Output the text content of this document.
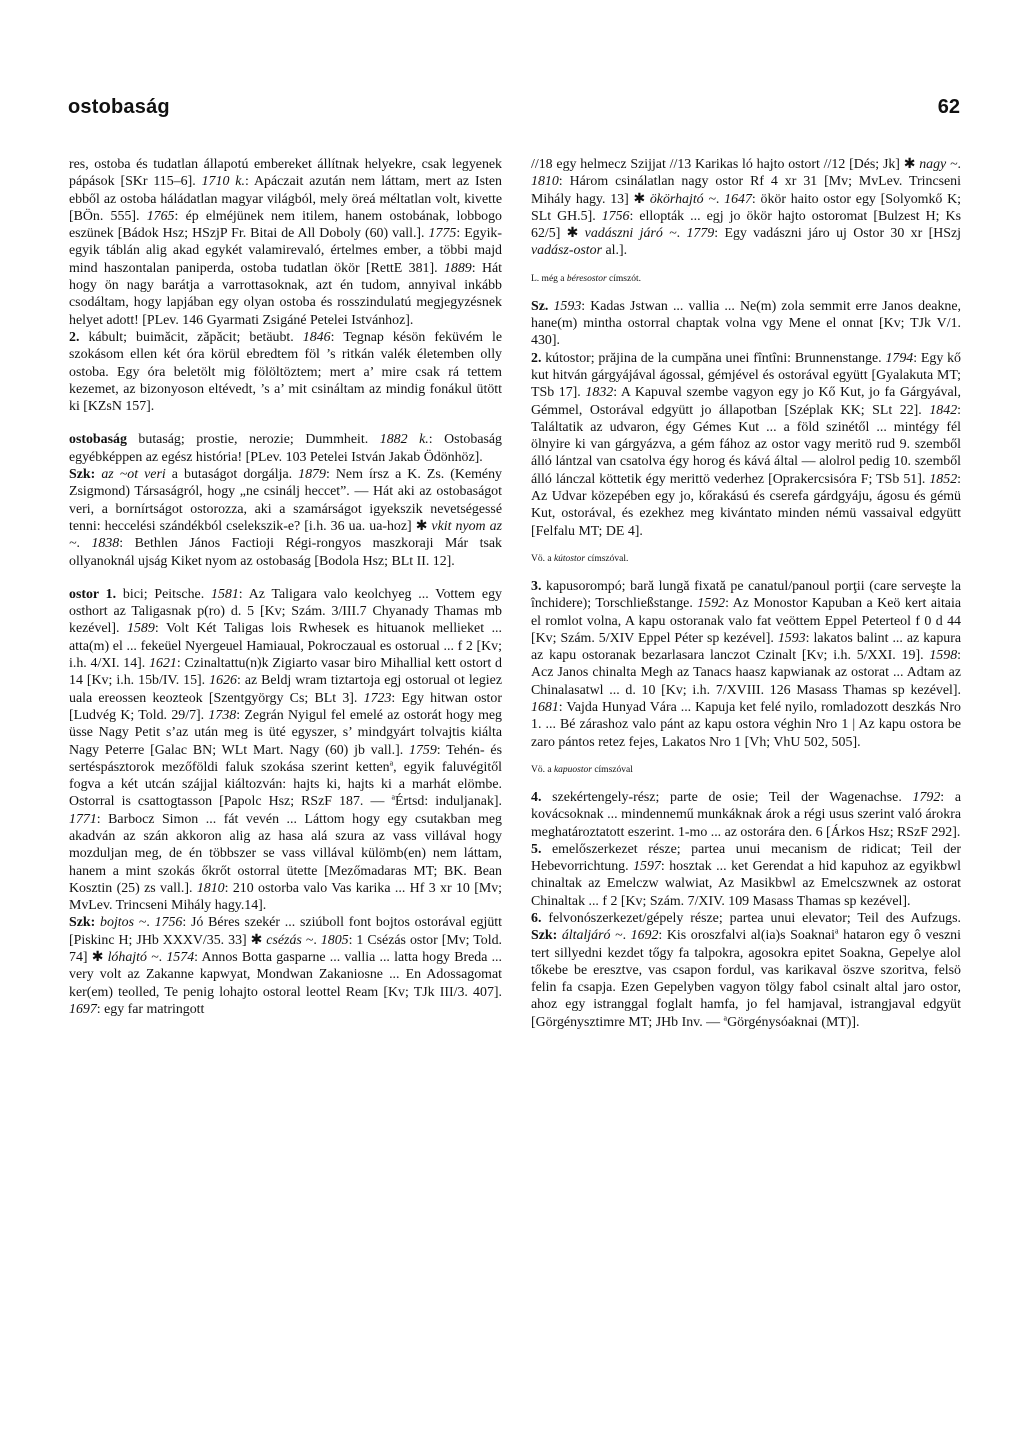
ostobaság	62

res, ostoba és tudatlan állapotú embereket állítnak helyekre, csak legyenek pápások [SKr 115–6]. 1710 k.: Apáczait azután nem láttam, mert az Isten ebből az ostoba háládatlan magyar világból, mely öreá méltatlan volt, kivette [BÖn. 555]. 1765: ép elméjünek nem itilem, hanem ostobának, lobbogo eszünek [Bádok Hsz; HSzjP Fr. Bitai de All Doboly (60) vall.]. 1775: Egyik-egyik táblán alig akad egykét valamirevaló, értelmes ember, a többi majd mind haszontalan paniperda, ostoba tudatlan ökör [RettE 381]. 1889: Hát hogy ön nagy barátja a varrottasoknak, azt én tudom, annyival inkább csodáltam, hogy lapjában egy olyan ostoba és rosszindulatú megjegyzésnek helyet adott! [PLev. 146 Gyarmati Zsigáné Petelei Istvánhoz].

2. kábult; buimăcit, zăpăcit; betäubt. 1846: Tegnap késön feküvém le szokásom ellen két óra körül ebredtem föl ’s ritkán valék életemben olly ostoba. Egy óra beletölt mig fölöltöztem; mert a’ mire csak rá tettem kezemet, az bizonyoson eltévedt, ’s a’ mit csináltam az mindig fonákul ütött ki [KZsN 157].

ostobaság butaság; prostie, nerozie; Dummheit. 1882 k.: Ostobaság egyébképpen az egész história! [PLev. 103 Petelei István Jakab Ödönhöz].

Szk: az ~ot veri a butaságot dorgálja. 1879: Nem írsz a K. Zs. (Kemény Zsigmond) Társaságról, hogy „ne csinálj heccet”. — Hát aki az ostobaságot veri, a bornírtságot ostorozza, aki a szamárságot igyekszik nevetségessé tenni: heccelési szándékból cselekszik-e? [i.h. 36 ua. ua-hoz] ✱ vkit nyom az ~. 1838: Bethlen János Factioji Régi-rongyos maszkoraji Már tsak ollyanoknál ujság Kiket nyom az ostobaság [Bodola Hsz; BLt II. 12].

ostor 1. bici; Peitsche. 1581: Az Taligara valo keolchyeg ... Vottem egy osthort az Taligasnak p(ro) d. 5 [Kv; Szám. 3/III.7 Chyanady Thamas mb kezével]. 1589: Volt Két Taligas lois Rwhesek es hituanok mellieket ... atta(m) el ... fekeüel Nyergeuel Hamiaual, Pokroczaual es ostorual ... f 2 [Kv; i.h. 4/XI. 14]. 1621: Czinaltattu(n)k Zigiarto vasar biro Mihallial kett ostort d 14 [Kv; i.h. 15b/IV. 15]. 1626: az Beldj wram tiztartoja egj ostorual ot legiez uala ereossen keozteok [Szentgyörgy Cs; BLt 3]. 1723: Egy hitwan ostor [Ludvég K; Told. 29/7]. 1738: Zegrán Nyigul fel emelé az ostorát hogy meg üsse Nagy Petit s’az után meg is üté egyszer, s’ mindgyárt tolvajtis kiálta Nagy Peterre [Galac BN; WLt Mart. Nagy (60) jb vall.]. 1759: Tehén- és sertéspásztorok mezőföldi faluk szokása szerint ketten$^a$, egyik faluvégitől fogva a két utcán szájjal kiáltozván: hajts ki, hajts ki a marhát elömbe. Ostorral is csattogtasson [Papolc Hsz; RSzF 187. — $^a$Értsd: induljanak]. 1771: Barbocz Simon ... fát vevén ... Láttom hogy egy csutakban meg akadván az szán akkoron alig az hasa alá szura az vass villával hogy mozduljan meg, de én többszer se vass villával külömb(en) nem láttam, hanem a mint szokás őkrőt ostorral ütette [Mezőmadaras MT; BK. Bean Kosztin (25) zs vall.]. 1810: 210 ostorba valo Vas karika ... Hf 3 xr 10 [Mv; MvLev. Trincseni Mihály hagy.14].

Szk: bojtos ~. 1756: Jó Béres szekér ... sziúboll font bojtos ostorával egjütt [Piskinc H; JHb XXXV/35. 33] ✱ csézás ~. 1805: 1 Csézás ostor [Mv; Told. 74] ✱ lóhajtó ~. 1574: Annos Botta gasparne ... vallia ... latta hogy Breda ... very volt az Zakanne kapwyat, Mondwan Zakaniosne ... En Adossagomat ker(em) teolled, Te penig lohajto ostoral leottel Ream [Kv; TJk III/3. 407]. 1697: egy far matringott

//18 egy helmecz Szijjat //13 Karikas ló hajto ostort //12 [Dés; Jk] ✱ nagy ~. 1810: Három csinálatlan nagy ostor Rf 4 xr 31 [Mv; MvLev. Trincseni Mihály hagy. 13] ✱ ökörhajtó ~. 1647: ökör haito ostor egy [Solyomkő K; SLt GH.5]. 1756: ellopták ... egj jo ökör hajto ostoromat [Bulzest H; Ks 62/5] ✱ vadászni járó ~. 1779: Egy vadászni járo uj Ostor 30 xr [HSzj vadász-ostor al.].

L. még a béresostor címszót.

Sz. 1593: Kadas Jstwan ... vallia ... Ne(m) zola semmit erre Janos deakne, hane(m) mintha ostorral chaptak volna vgy Mene el onnat [Kv; TJk V/1. 430].

2. kútostor; prăjina de la cumpăna unei fîntîni: Brunnenstange. 1794: Egy kő kut hitván gárgyájával ágossal, gémjével és ostorával együtt [Gyalakuta MT; TSb 17]. 1832: A Kapuval szembe vagyon egy jo Kő Kut, jo fa Gárgyával, Gémmel, Ostorával edgyütt jo állapotban [Széplak KK; SLt 22]. 1842: Találtatik az udvaron, égy Gémes Kut ... a föld szinétől ... mintégy fél ölnyire ki van gárgyázva, a gém fához az ostor vagy meritö rud 9. szemből álló lántzal van csatolva égy horog és kává által — alolrol pedig 10. szemből álló lánczal köttetik égy merittö vederhez [Oprakercsisóra F; TSb 51]. 1852: Az Udvar közepében egy jo, kőrakású és cserefa gárdgyáju, ágosu és gémü Kut, ostorával, és ezekhez meg kivántato minden némü vassaival edgyütt [Felfalu MT; DE 4].

Vö. a kútostor címszóval.

3. kapusorompó; bară lungă fixată pe canatul/panoul porţii (care serveşte la închidere); Torschließstange. 1592: Az Monostor Kapuban a Keö kert aitaia el romlot volna, A kapu ostoranak valo fat veöttem Eppel Peterteol f 0 d 44 [Kv; Szám. 5/XIV Eppel Péter sp kezével]. 1593: lakatos balint ... az kapura az kapu ostoranak bezarlasara lanczot Czinalt [Kv; i.h. 5/XXI. 19]. 1598: Acz Janos chinalta Megh az Tanacs haasz kapwianak az ostorat ... Adtam az Chinalasatwl ... d. 10 [Kv; i.h. 7/XVIII. 126 Masass Thamas sp kezével]. 1681: Vajda Hunyad Vára ... Kapuja ket felé nyilo, romladozott deszkás Nro 1. ... Bé zárashoz valo pánt az kapu ostora véghin Nro 1 | Az kapu ostora be zaro pántos retez fejes, Lakatos Nro 1 [Vh; VhU 502, 505].

Vö. a kapuostor címszóval

4. szekértengely-rész; parte de osie; Teil der Wagenachse. 1792: a kovácsoknak ... mindennemű munkáknak árok a régi usus szerint való árokra meghatároztatott eszerint. 1-mo ... az ostorára den. 6 [Árkos Hsz; RSzF 292].

5. emelőszerkezet része; partea unui mecanism de ridicat; Teil der Hebevorrichtung. 1597: hosztak ... ket Gerendat a hid kapuhoz az egyikbwl chinaltak az Emelczw walwiat, Az Masikbwl az Emelcszwnek az ostorat Chinaltak ... f 2 [Kv; Szám. 7/XIV. 109 Masass Thamas sp kezével].

6. felvonószerkezet/gépely része; partea unui elevator; Teil des Aufzugs. Szk: általjáró ~. 1692: Kis oroszfalvi al(ia)s Soaknai$^a$ hataron egy ô veszni tert sillyedni kezdet tőgy fa talpokra, agosokra epitet Soakna, Gepelye alol tőkebe be eresztve, vas csapon fordul, vas karikaval öszve szoritva, felsö felin fa csapja. Ezen Gepelyben vagyon tölgy fabol csinalt altal jaro ostor, ahoz egy istranggal foglalt hamfa, jo fel hamjaval, istrangjaval edgyüt [Görgénysztimre MT; JHb Inv. — $^a$Görgénysóaknai (MT)].
